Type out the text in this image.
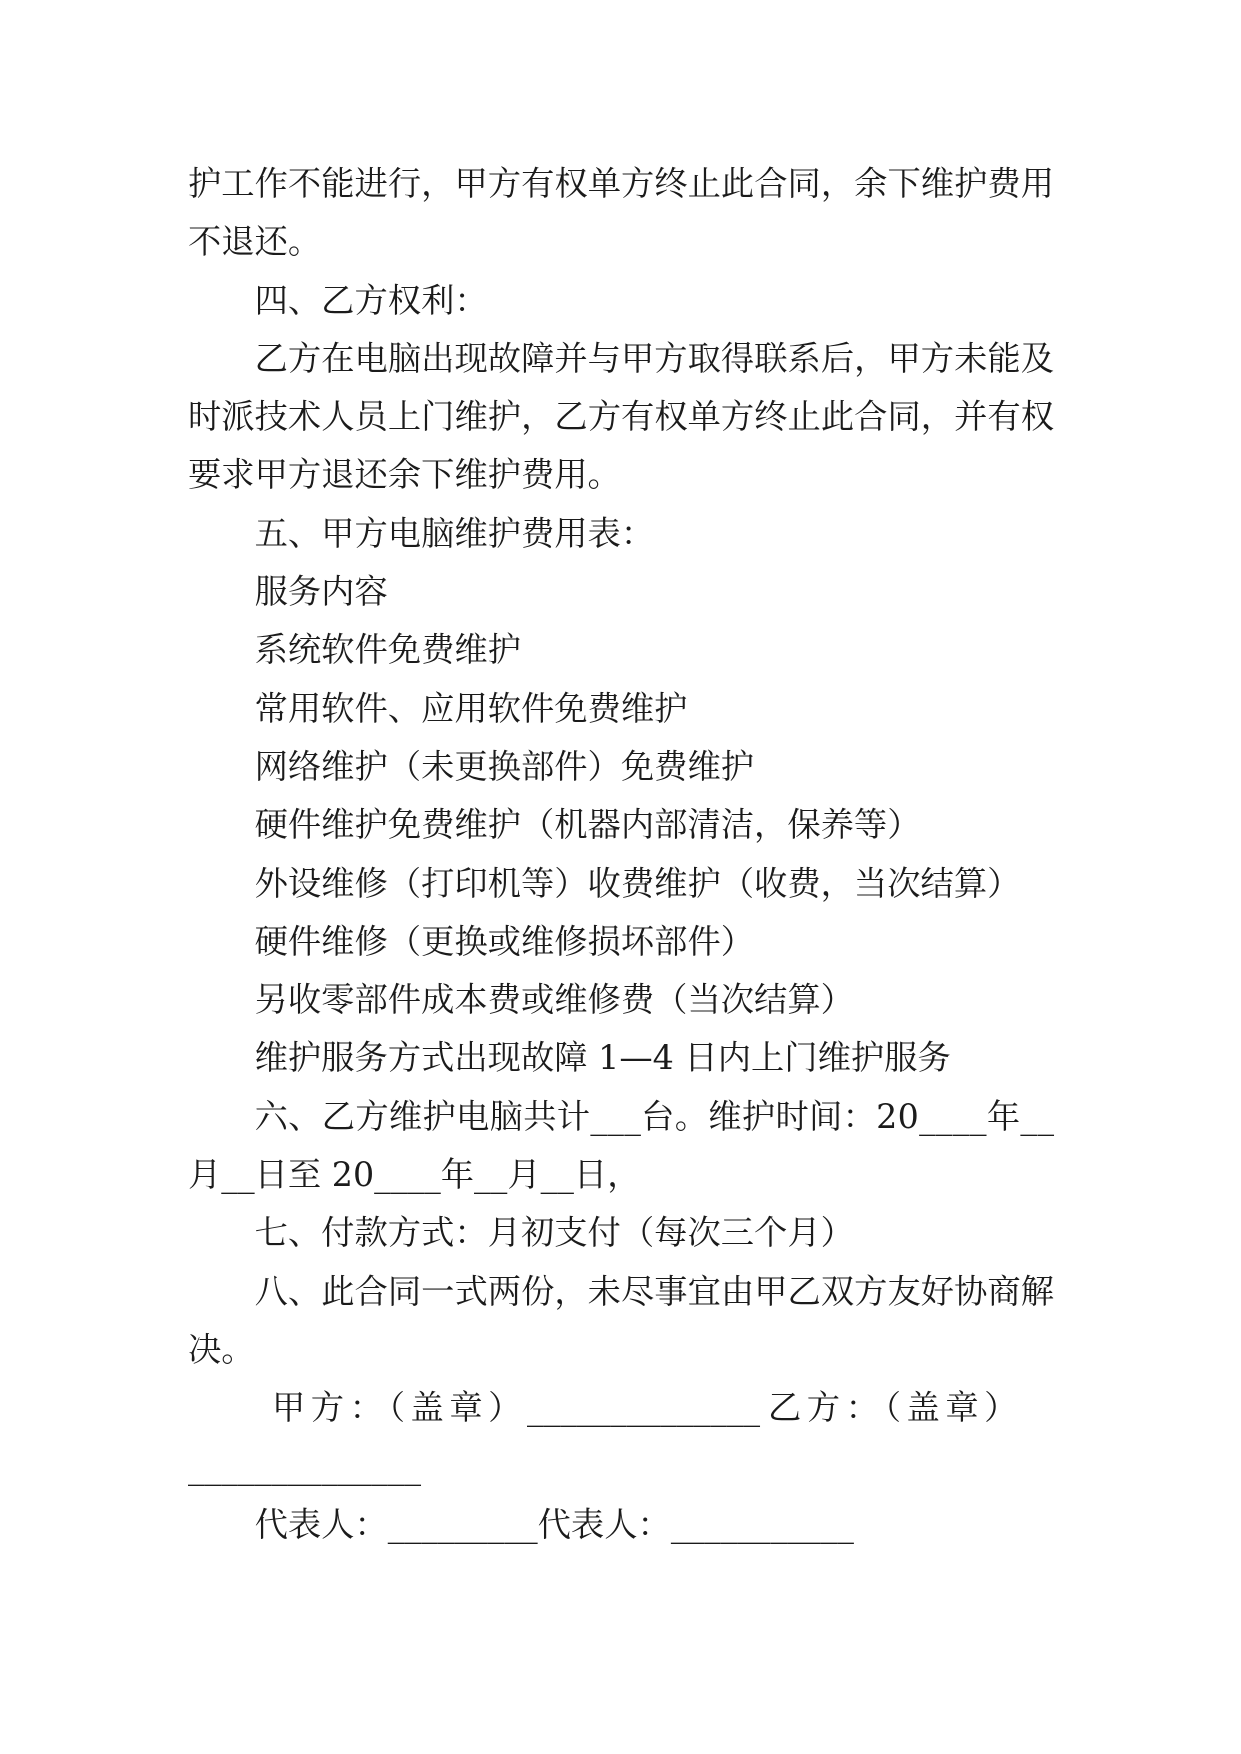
护工作不能进行，甲方有权单方终止此合同，余下维护费用
不退还。
四、乙方权利：
乙方在电脑出现故障并与甲方取得联系后，甲方未能及
时派技术人员上门维护，乙方有权单方终止此合同，并有权
要求甲方退还余下维护费用。
五、甲方电脑维护费用表：
服务内容
系统软件免费维护
常用软件、应用软件免费维护
网络维护（未更换部件）免费维护
硬件维护免费维护（机器内部清洁，保养等）
外设维修（打印机等）收费维护（收费，当次结算）
硬件维修（更换或维修损坏部件）
另收零部件成本费或维修费（当次结算）
维护服务方式出现故障 1—4 日内上门维护服务
六、乙方维护电脑共计___台。维护时间：20____年__
月__日至 20____年__月__日，
七、付款方式：月初支付（每次三个月）
八、此合同一式两份，未尽事宜由甲乙双方友好协商解
决。
甲方：（盖章）______________ 乙方：（盖章）
______________
代表人：_________代表人：___________
